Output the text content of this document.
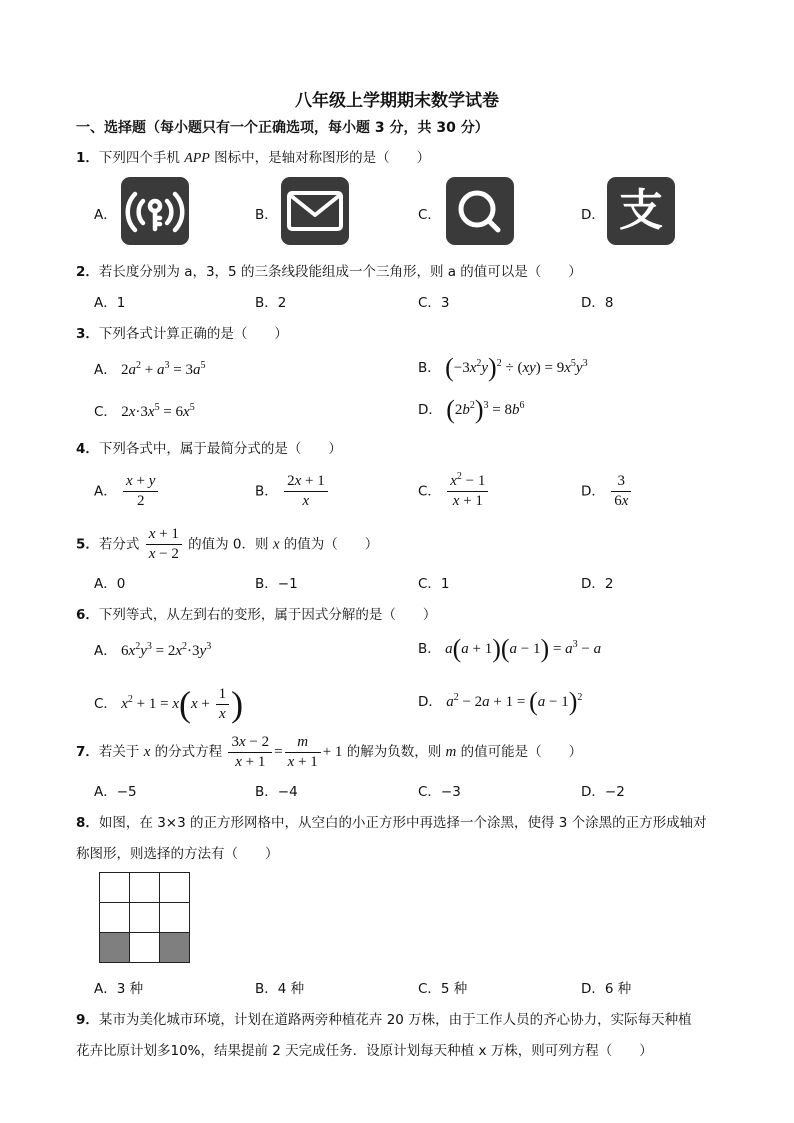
八年级上学期期末数学试卷
一、选择题（每小题只有一个正确选项，每小题 3 分，共 30 分）
1．下列四个手机 APP 图标中，是轴对称图形的是（　　）
A．	B．	C．	D． 支
2．若长度分别为 a，3，5 的三条线段能组成一个三角形，则 a 的值可以是（　　）
A．1	B．2	C．3	D．8
3．下列各式计算正确的是（　　）
A． $2a^2 + a^3 = 3a^5$	B． $(-3x^2y)^2 \div (xy) = 9x^5y^3$
C． $2x\cdot 3x^5 = 6x^5$	D． $(2b^2)^3 = 8b^6$
4．下列各式中，属于最简分式的是（　　）
A． $\frac{x + y}{2}$	B． $\frac{2x + 1}{x}$	C． $\frac{x^2 - 1}{x + 1}$	D． $\frac{3}{6x}$
5．若分式 $\frac{x + 1}{x - 2}$ 的值为 0．则 x 的值为（　　）
A．0	B．−1	C．1	D．2
6．下列等式，从左到右的变形，属于因式分解的是（　　）
A． $6x^2y^3 = 2x^2\cdot 3y^3$	B． $a(a + 1)(a - 1) = a^3 - a$
C． $x^2 + 1 = x(x + \frac{1}{x}$ )	D． $a^2 - 2a + 1 = (a - 1)^2$
7．若关于 x 的分式方程 $\frac{3x - 2}{x + 1} = \frac{m}{x + 1} + 1$ 的解为负数，则 m 的值可能是（　　）
A．−5	B．−4	C．−3	D．−2
8．如图，在 3×3 的正方形网格中，从空白的小正方形中再选择一个涂黑，使得 3 个涂黑的正方形成轴对
称图形，则选择的方法有（　　）

A．3 种	B．4 种	C．5 种	D．6 种
9．某市为美化城市环境，计划在道路两旁种植花卉 20 万株，由于工作人员的齐心协力，实际每天种植
花卉比原计划多10%，结果提前 2 天完成任务．设原计划每天种植 x 万株，则可列方程（　　）
